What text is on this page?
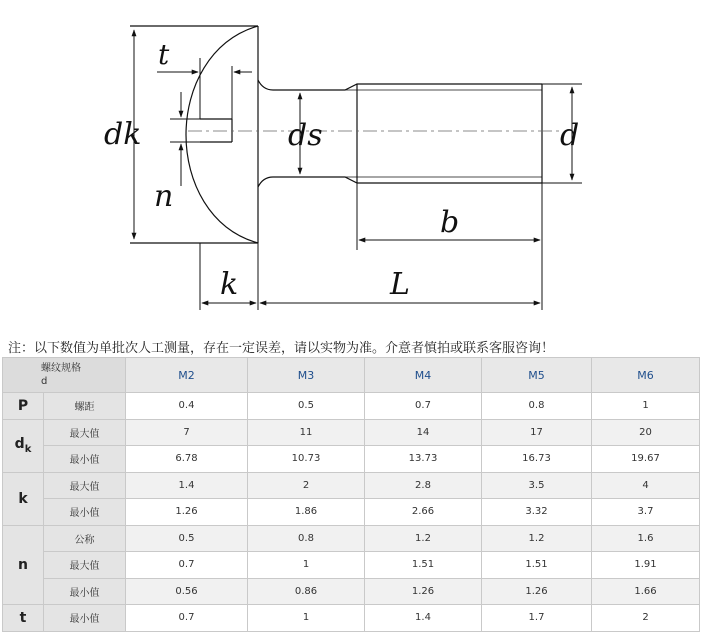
dk
t
n
ds	d
b
k	L
注：以下数值为单批次人工测量，存在一定误差，请以实物为准。介意者慎拍或联系客服咨询！
螺纹规格
d		M2	M3	M4	M5	M6
P	螺距	0.4	0.5	0.7	0.8	1
$d_k$	最大值	7	11	14	17	20
	最小值	6.78	10.73	13.73	16.73	19.67
k	最大值	1.4	2	2.8	3.5	4
	最小值	1.26	1.86	2.66	3.32	3.7
n	公称	0.5	0.8	1.2	1.2	1.6
	最大值	0.7	1	1.51	1.51	1.91
	最小值	0.56	0.86	1.26	1.26	1.66
t	最小值	0.7	1	1.4	1.7	2
